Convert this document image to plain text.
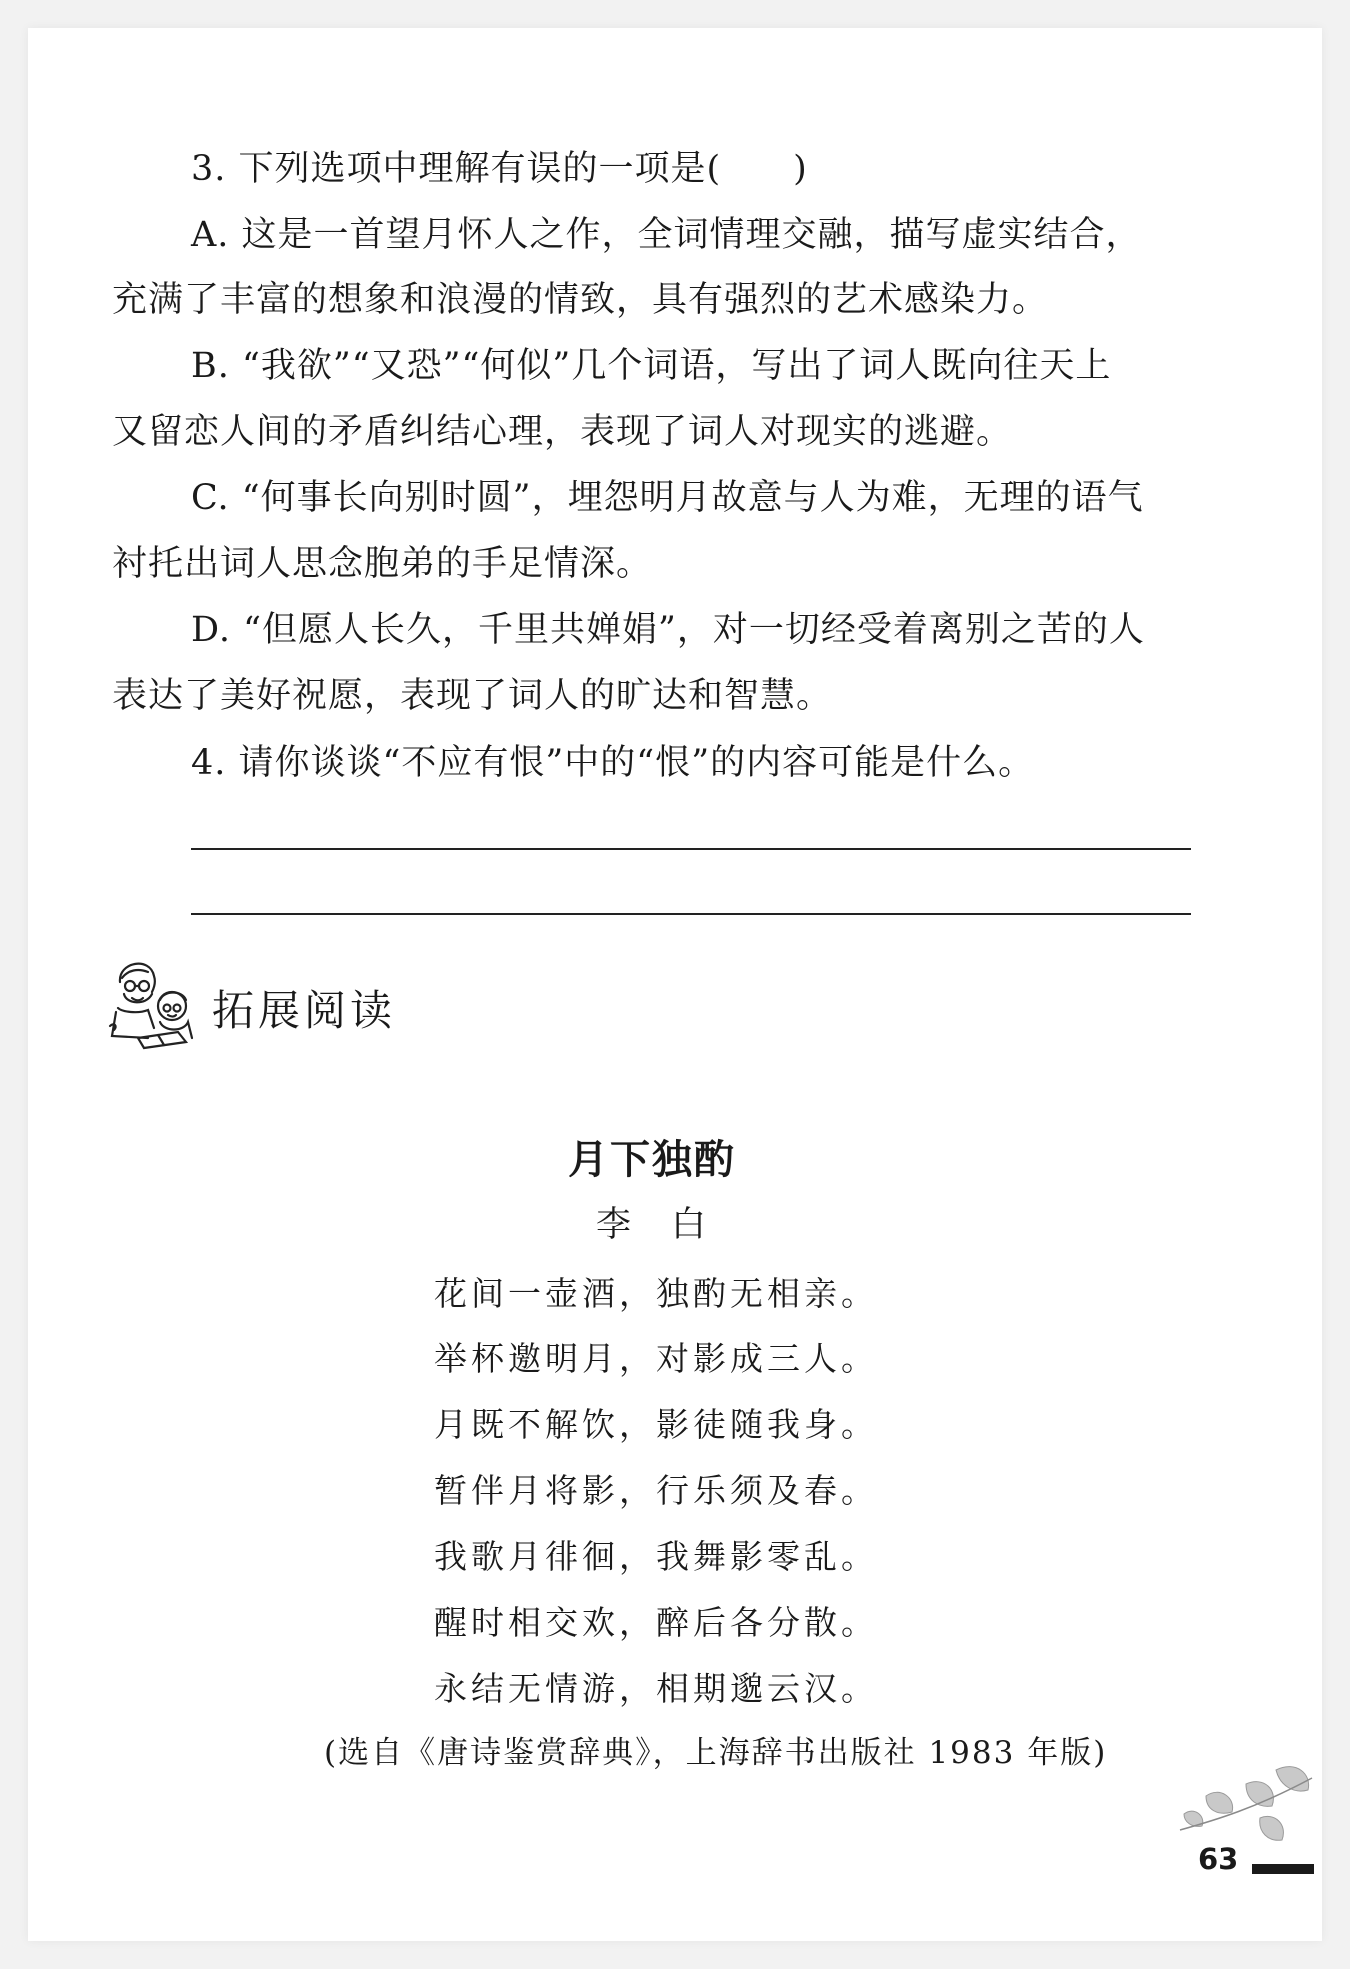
3. 下列选项中理解有误的一项是(　　)
A. 这是一首望月怀人之作，全词情理交融，描写虚实结合，
充满了丰富的想象和浪漫的情致，具有强烈的艺术感染力。
B. “我欲”“又恐”“何似”几个词语，写出了词人既向往天上
又留恋人间的矛盾纠结心理，表现了词人对现实的逃避。
C. “何事长向别时圆”，埋怨明月故意与人为难，无理的语气
衬托出词人思念胞弟的手足情深。
D. “但愿人长久，千里共婵娟”，对一切经受着离别之苦的人
表达了美好祝愿，表现了词人的旷达和智慧。
4. 请你谈谈“不应有恨”中的“恨”的内容可能是什么。
拓展阅读
月下独酌
李白
花间一壶酒，独酌无相亲。
举杯邀明月，对影成三人。
月既不解饮，影徒随我身。
暂伴月将影，行乐须及春。
我歌月徘徊，我舞影零乱。
醒时相交欢，醉后各分散。
永结无情游，相期邈云汉。
(选自《唐诗鉴赏辞典》，上海辞书出版社 1983 年版)
63
